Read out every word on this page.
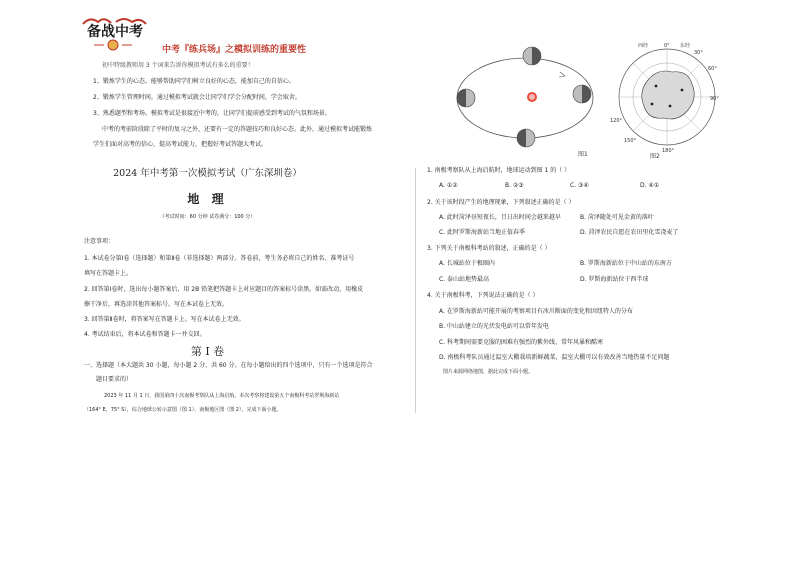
备战中考
中考『练兵场』之模拟训练的重要性
初中特级教师用 3 个词来告诉你模拟考试有多么的重要！
1、锻炼学生的心态。能够帮助同学们树立良好的心态，能加自己的自信心。
2、锻炼学生管理时间。通过模拟考试就会让同学们学会分配时间，学会取舍。
3、熟悉题型和考场。模拟考试是很接近中考的，让同学们提前感受到考试的气氛和场景。
中考的考前阶段除了平时的复习之外，还要有一定的答题技巧和良好心态。此外，通过模拟考试能锻炼
学生们面对高考的信心，提高考试能力，把握好考试答题大考试。
2024 年中考第一次模拟考试（广东深圳卷）
地 理
（考试时间：60 分钟 试卷满分：100 分）
注意事项：
1. 本试卷分第Ⅰ卷（选择题）和第Ⅱ卷（非选择题）两部分。答卷前，考生务必将自己的姓名、准考证号
填写在答题卡上。
2. 回答第Ⅰ卷时，选出每小题答案后，用 2B 铅笔把答题卡上对应题目的答案标号涂黑。如需改动，用橡皮
擦干净后，再选涂其他答案标号。写在本试卷上无效。
3. 回答第Ⅱ卷时，将答案写在答题卡上。写在本试卷上无效。
4. 考试结束后，将本试卷和答题卡一并交回。
第 Ⅰ 卷
一、选择题（本大题共 30 小题，每小题 2 分，共 60 分。在每小题给出的四个选项中，只有一个选项是符合
题目要求的）
2023 年 11 月 1 日，我国第四十次南极考察队从上海启航，本次考察将建设第五个南极科考站罗斯海新站
（164° E，75° S），综合地球公转示意图（图 1）、南极地区图（图 2），完成下面小题。
图1
西经	0° 东经
60°
120°
180°
90°
150°
30°
图2
1. 南极考察队从上海启航时，地球运动到图 1 的（ ）
A. ①②	B. ②③	C. ③④	D. ④①
2. 关于该时段产生的地理现象，下列叙述正确的是（ ）
A. 此时菏泽昼短夜长，且日出时间会越来越早	B. 菏泽随处可见金黄的落叶
C. 此时罗斯海新站当地正值春季	D. 菏泽农民自愿在农田里化雪浇麦了
3. 下列关于南极科考站的叙述，正确的是（ ）
A. 长城站位于极圈内	B. 罗斯海新站位于中山站的东南方
C. 泰山站地势最高	D. 罗斯海新站位于西半球
4. 关于南极科考，下列说法正确的是（ ）
A. 在罗斯海新站可能开展的考察项目有冰川断面的变化和因纽特人的分布
B. 中山站建立的光伏发电站可以常年发电
C. 科考期间需要克服的困难有强烈的紫外线、常年风暴和酷寒
D. 南极科考队员通过温室大棚栽培新鲜蔬菜，温室大棚可以有效改善当地热量不足问题
图片来源网络地图，据此完成下面小题。
